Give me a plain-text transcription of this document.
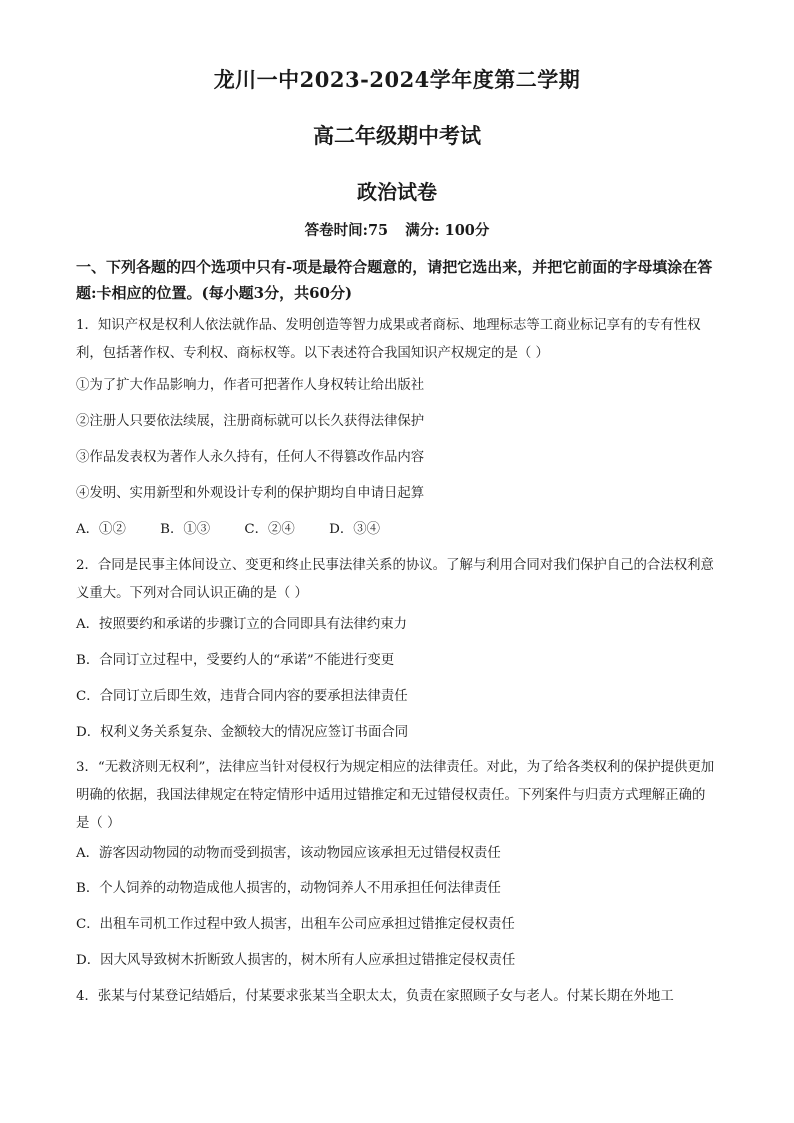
龙川一中2023-2024学年度第二学期
高二年级期中考试
政治试卷
答卷时间:75 满分: 100分
一、下列各题的四个选项中只有-项是最符合题意的，请把它选出来，并把它前面的字母填涂在答题:卡相应的位置。(每小题3分，共60分)
1．知识产权是权利人依法就作品、发明创造等智力成果或者商标、地理标志等工商业标记享有的专有性权利，包括著作权、专利权、商标权等。以下表述符合我国知识产权规定的是（ ）
①为了扩大作品影响力，作者可把著作人身权转让给出版社
②注册人只要依法续展，注册商标就可以长久获得法律保护
③作品发表权为著作人永久持有，任何人不得篡改作品内容
④发明、实用新型和外观设计专利的保护期均自申请日起算
A．①②	B．①③	C．②④	D．③④
2．合同是民事主体间设立、变更和终止民事法律关系的协议。了解与利用合同对我们保护自己的合法权利意义重大。下列对合同认识正确的是（ ）
A．按照要约和承诺的步骤订立的合同即具有法律约束力
B．合同订立过程中，受要约人的“承诺”不能进行变更
C．合同订立后即生效，违背合同内容的要承担法律责任
D．权利义务关系复杂、金额较大的情况应签订书面合同
3．“无救济则无权利”，法律应当针对侵权行为规定相应的法律责任。对此，为了给各类权利的保护提供更加明确的依据，我国法律规定在特定情形中适用过错推定和无过错侵权责任。下列案件与归责方式理解正确的是（ ）
A．游客因动物园的动物而受到损害，该动物园应该承担无过错侵权责任
B．个人饲养的动物造成他人损害的，动物饲养人不用承担任何法律责任
C．出租车司机工作过程中致人损害，出租车公司应承担过错推定侵权责任
D．因大风导致树木折断致人损害的，树木所有人应承担过错推定侵权责任
4．张某与付某登记结婚后，付某要求张某当全职太太，负责在家照顾子女与老人。付某长期在外地工
